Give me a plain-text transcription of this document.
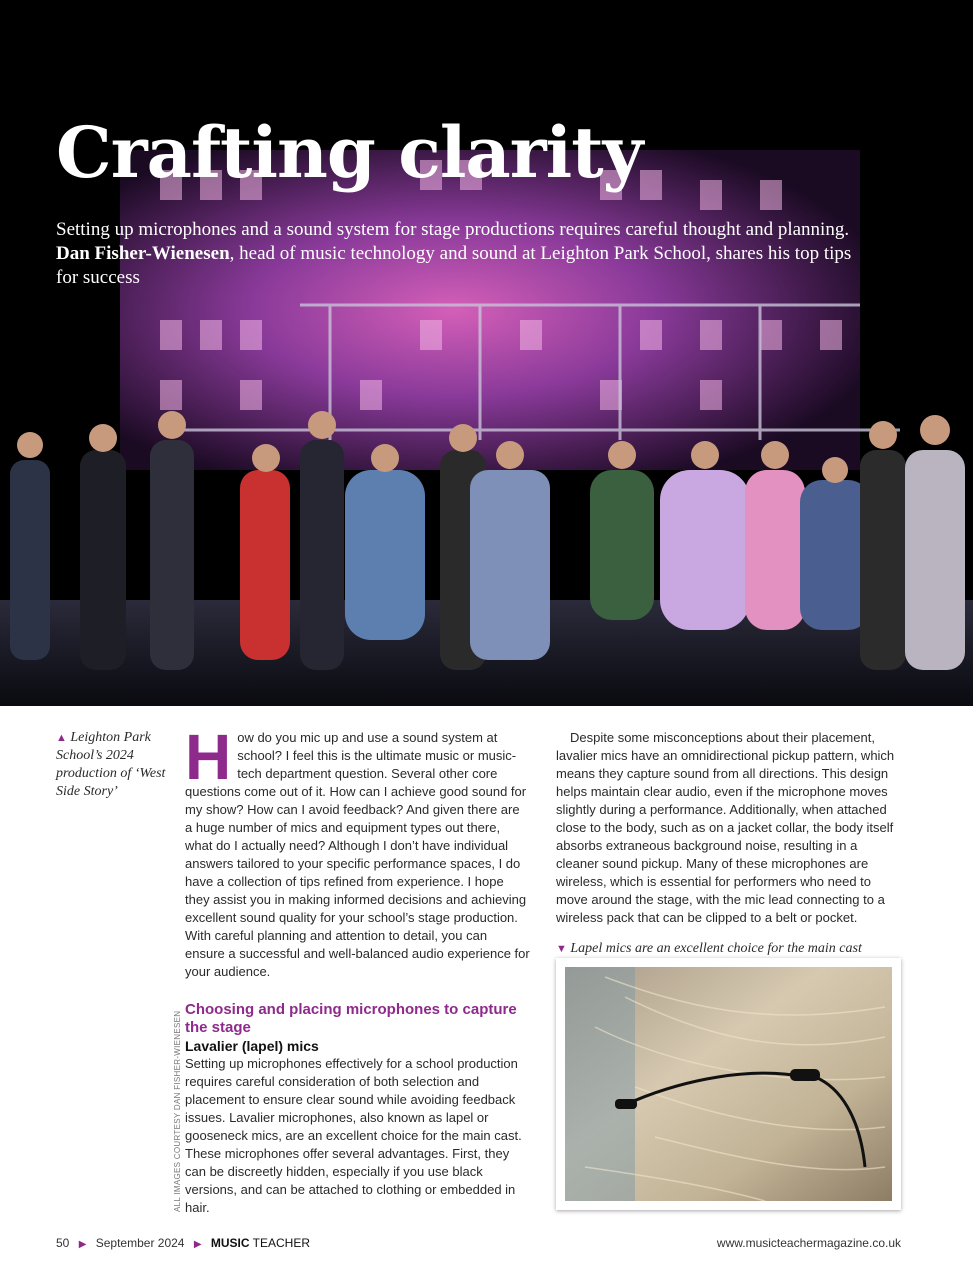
Crafting clarity

Setting up microphones and a sound system for stage productions requires careful thought and planning. Dan Fisher-Wienesen, head of music technology and sound at Leighton Park School, shares his top tips for success

▲ Leighton Park School’s 2024 production of ‘West Side Story’	How do you mic up and use a sound system at school? I feel this is the ultimate music or music-tech department question. Several other core questions come out of it. How can I achieve good sound for my show? How can I avoid feedback? And given there are a huge number of mics and equipment types out there, what do I actually need? Although I don’t have individual answers tailored to your specific performance spaces, I do have a collection of tips refined from experience. I hope they assist you in making informed decisions and achieving excellent sound quality for your school’s stage production. With careful planning and attention to detail, you can ensure a successful and well-balanced audio experience for your audience.

Choosing and placing microphones to capture the stage
Lavalier (lapel) mics

Setting up microphones effectively for a school production requires careful consideration of both selection and placement to ensure clear sound while avoiding feedback issues. Lavalier microphones, also known as lapel or gooseneck mics, are an excellent choice for the main cast. These microphones offer several advantages. First, they can be discreetly hidden, especially if you use black versions, and can be attached to clothing or embedded in hair.

ALL IMAGES COURTESY DAN FISHER-WIENESEN

Despite some misconceptions about their placement, lavalier mics have an omnidirectional pickup pattern, which means they capture sound from all directions. This design helps maintain clear audio, even if the microphone moves slightly during a performance. Additionally, when attached close to the body, such as on a jacket collar, the body itself absorbs extraneous background noise, resulting in a cleaner sound pickup. Many of these microphones are wireless, which is essential for performers who need to move around the stage, with the mic lead connecting to a wireless pack that can be clipped to a belt or pocket.

▼ Lapel mics are an excellent choice for the main cast

50 ▶ September 2024 ▶ MUSIC TEACHER	www.musicteachermagazine.co.uk
